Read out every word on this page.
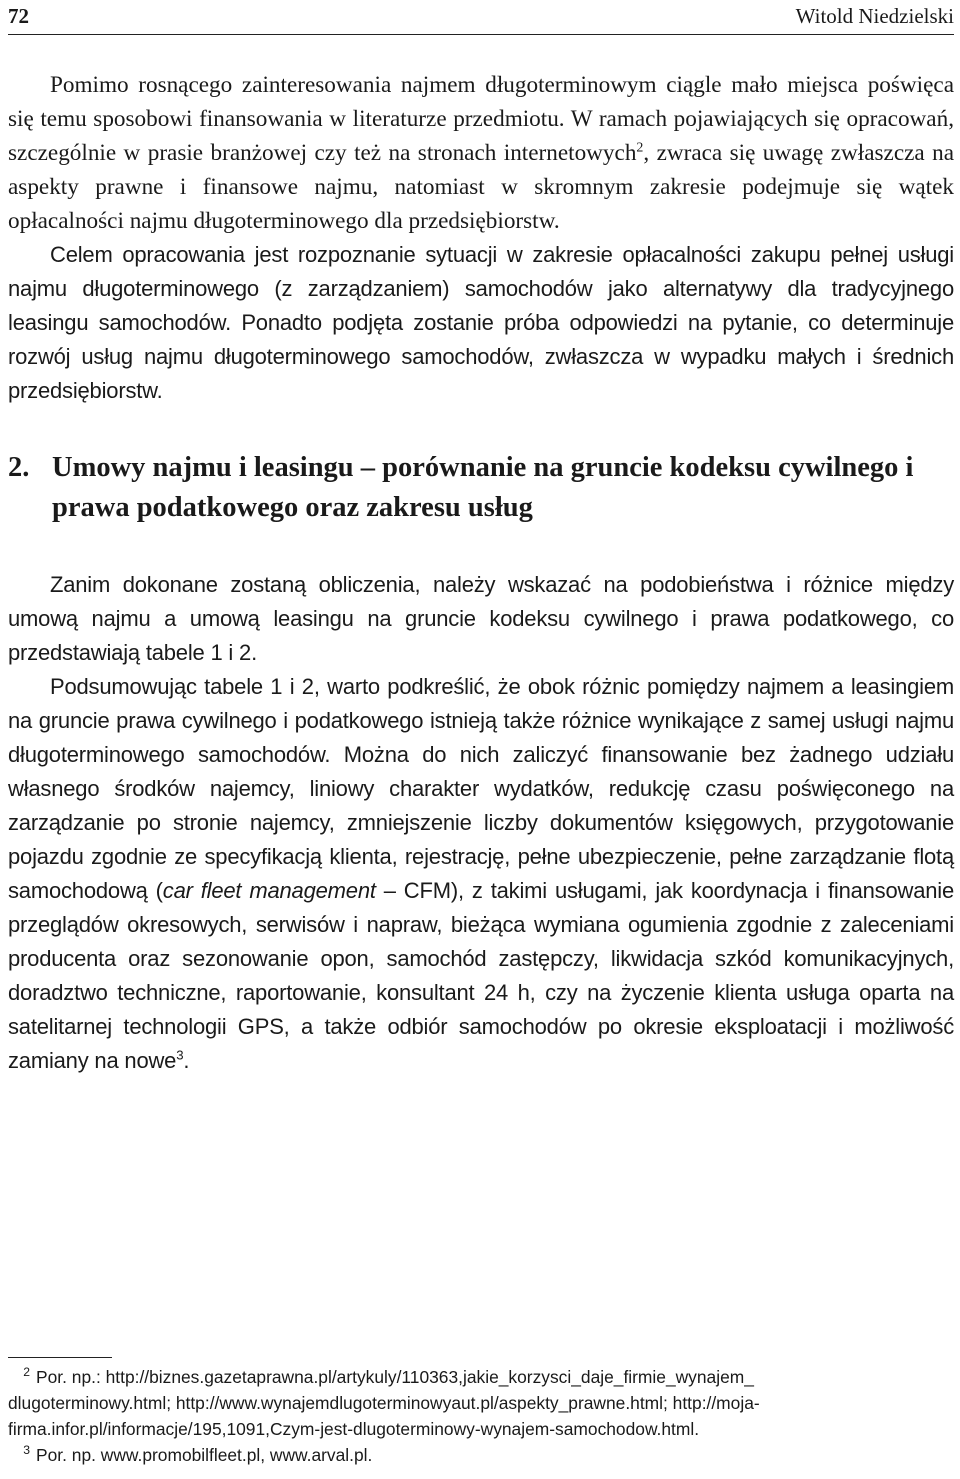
72	Witold Niedzielski

Pomimo rosnącego zainteresowania najmem długoterminowym ciągle mało miejsca poświęca się temu sposobowi finansowania w literaturze przedmiotu. W ramach pojawiających się opracowań, szczególnie w prasie branżowej czy też na stronach internetowych$^2$, zwraca się uwagę zwłaszcza na aspekty prawne i finansowe najmu, natomiast w skromnym zakresie podejmuje się wątek opłacalności najmu długoterminowego dla przedsiębiorstw.

Celem opracowania jest rozpoznanie sytuacji w zakresie opłacalności zakupu pełnej usługi najmu długoterminowego (z zarządzaniem) samochodów jako alternatywy dla tradycyjnego leasingu samochodów. Ponadto podjęta zostanie próba odpowiedzi na pytanie, co determinuje rozwój usług najmu długoterminowego samochodów, zwłaszcza w wypadku małych i średnich przedsiębiorstw.

2. Umowy najmu i leasingu – porównanie na gruncie kodeksu cywilnego i prawa podatkowego oraz zakresu usług

Zanim dokonane zostaną obliczenia, należy wskazać na podobieństwa i różnice między umową najmu a umową leasingu na gruncie kodeksu cywilnego i prawa podatkowego, co przedstawiają tabele 1 i 2.

Podsumowując tabele 1 i 2, warto podkreślić, że obok różnic pomiędzy najmem a leasingiem na gruncie prawa cywilnego i podatkowego istnieją także różnice wynikające z samej usługi najmu długoterminowego samochodów. Można do nich zaliczyć finansowanie bez żadnego udziału własnego środków najemcy, liniowy charakter wydatków, redukcję czasu poświęconego na zarządzanie po stronie najemcy, zmniejszenie liczby dokumentów księgowych, przygotowanie pojazdu zgodnie ze specyfikacją klienta, rejestrację, pełne ubezpieczenie, pełne zarządzanie flotą samochodową (car fleet management – CFM), z takimi usługami, jak koordynacja i finansowanie przeglądów okresowych, serwisów i napraw, bieżąca wymiana ogumienia zgodnie z zaleceniami producenta oraz sezonowanie opon, samochód zastępczy, likwidacja szkód komunikacyjnych, doradztwo techniczne, raportowanie, konsultant 24 h, czy na życzenie klienta usługa oparta na satelitarnej technologii GPS, a także odbiór samochodów po okresie eksploatacji i możliwość zamiany na nowe$^3$.

$^2$ Por. np.: http://biznes.gazetaprawna.pl/artykuly/110363,jakie_korzysci_daje_firmie_wynajem_
dlugoterminowy.html; http://www.wynajemdlugoterminowyaut.pl/aspekty_prawne.html; http://moja-
firma.infor.pl/informacje/195,1091,Czym-jest-dlugoterminowy-wynajem-samochodow.html.

$^3$ Por. np. www.promobilfleet.pl, www.arval.pl.
